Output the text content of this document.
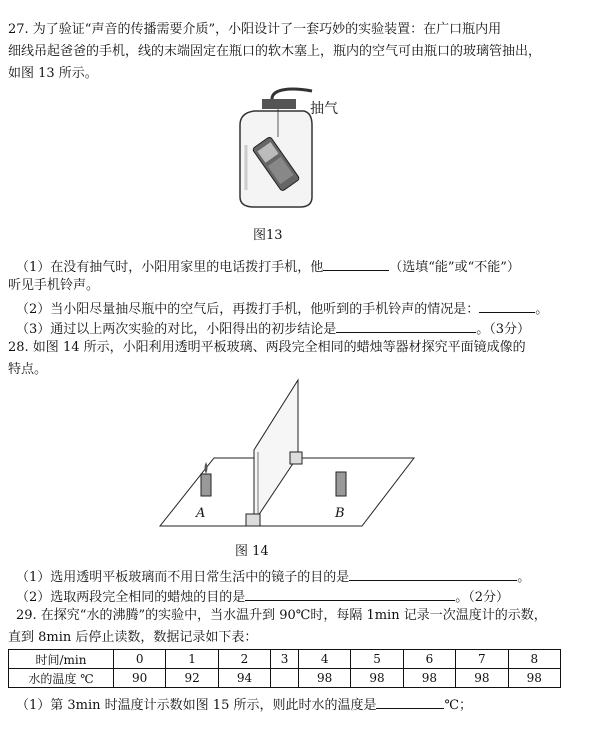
27. 为了验证“声音的传播需要介质”，小阳设计了一套巧妙的实验装置：在广口瓶内用
细线吊起爸爸的手机，线的末端固定在瓶口的软木塞上，瓶内的空气可由瓶口的玻璃管抽出，
如图 13 所示。
抽气
图13
（1）在没有抽气时，小阳用家里的电话拨打手机，他	（选填“能”或“不能”）
听见手机铃声。
（2）当小阳尽量抽尽瓶中的空气后，再拨打手机，他听到的手机铃声的情况是：	。
（3）通过以上两次实验的对比，小阳得出的初步结论是	。（3分）
28. 如图 14 所示，小阳利用透明平板玻璃、两段完全相同的蜡烛等器材探究平面镜成像的
特点。
A	B
图 14
（1）选用透明平板玻璃而不用日常生活中的镜子的目的是	。
（2）选取两段完全相同的蜡烛的目的是	。（2分）
29. 在探究“水的沸腾”的实验中，当水温升到 90℃时，每隔 1min 记录一次温度计的示数，
直到 8min 后停止读数，数据记录如下表：
时间/min	0	1	2	3	4	5	6	7	8
水的温度 ℃	90	92	94		98	98	98	98	98
（1）第 3min 时温度计示数如图 15 所示，则此时水的温度是	℃；
